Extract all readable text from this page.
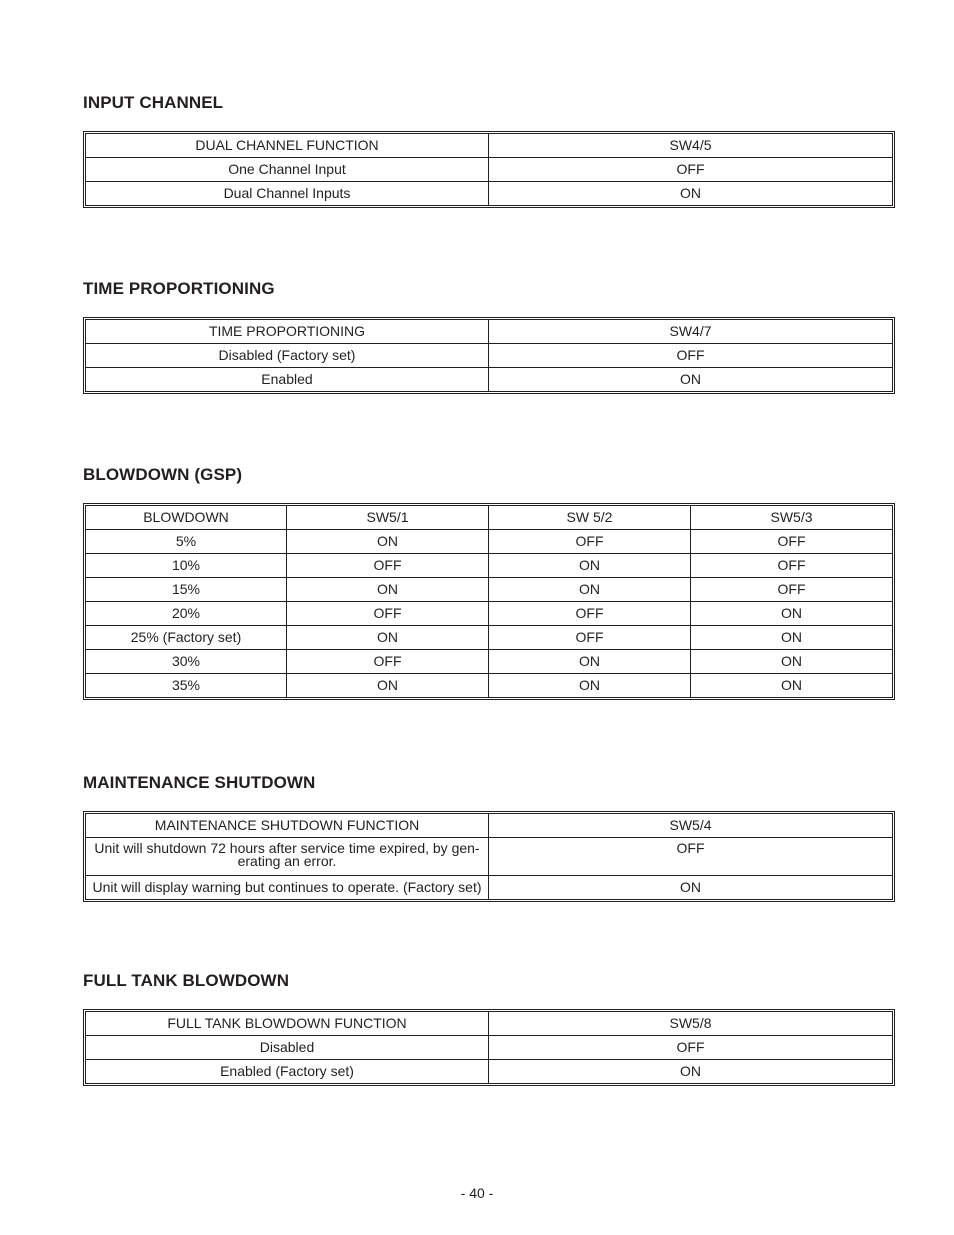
INPUT CHANNEL
DUAL CHANNEL FUNCTION	SW4/5
One Channel Input	OFF
Dual Channel Inputs	ON
TIME PROPORTIONING
TIME PROPORTIONING	SW4/7
Disabled (Factory set)	OFF
Enabled	ON
BLOWDOWN (GSP)
BLOWDOWN	SW5/1	SW 5/2	SW5/3
5%	ON	OFF	OFF
10%	OFF	ON	OFF
15%	ON	ON	OFF
20%	OFF	OFF	ON
25% (Factory set)	ON	OFF	ON
30%	OFF	ON	ON
35%	ON	ON	ON
MAINTENANCE SHUTDOWN
MAINTENANCE SHUTDOWN FUNCTION	SW5/4
Unit will shutdown 72 hours after service time expired, by gen-
erating an error.	OFF
Unit will display warning but continues to operate. (Factory set)	ON
FULL TANK BLOWDOWN
FULL TANK BLOWDOWN FUNCTION	SW5/8
Disabled	OFF
Enabled (Factory set)	ON
- 40 -
